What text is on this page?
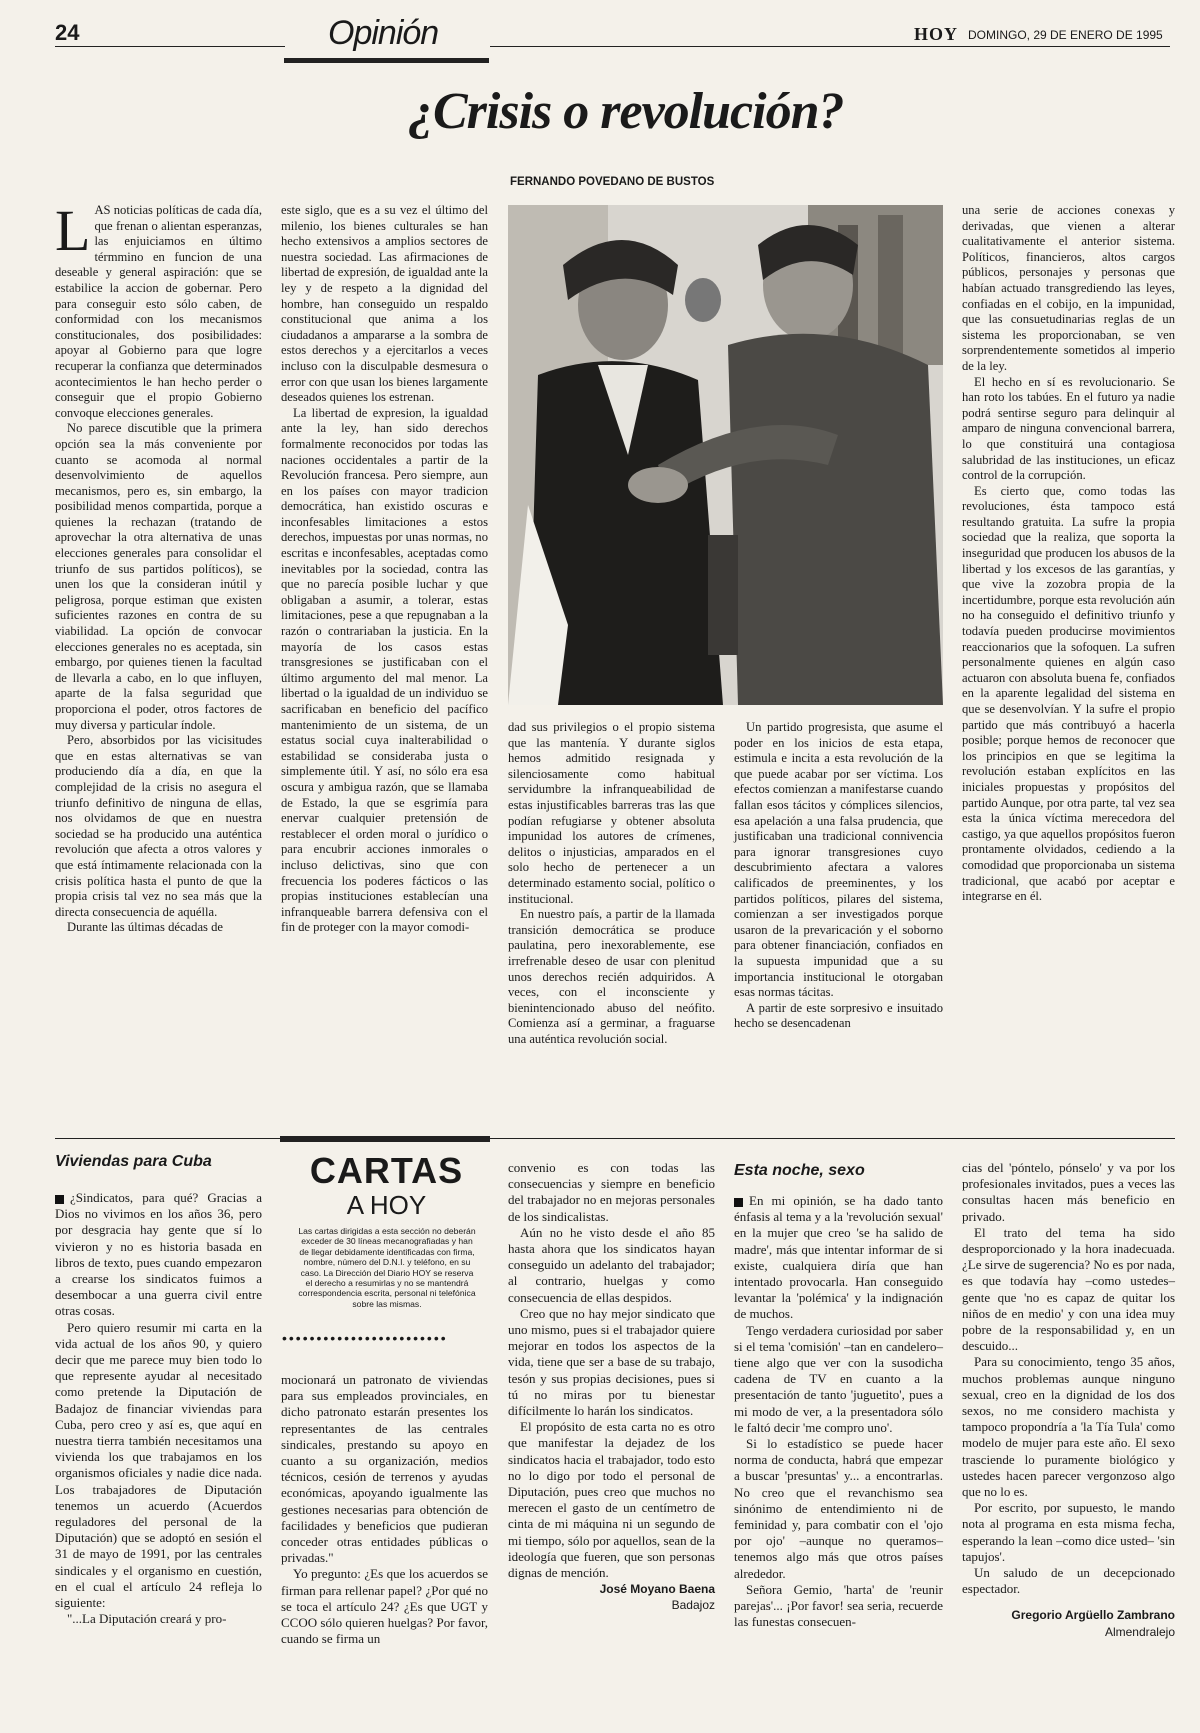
24	Opinión	HOY DOMINGO, 29 DE ENERO DE 1995
¿Crisis o revolución?
FERNANDO POVEDANO DE BUSTOS

LAS noticias políticas de cada día, que frenan o alientan esperanzas, las enjuiciamos en último térmmino en funcion de una deseable y general aspiración: que se estabilice la accion de gobernar. Pero para conseguir esto sólo caben, de conformidad con los mecanismos constitucionales, dos posibilidades: apoyar al Gobierno para que logre recuperar la confianza que determinados acontecimientos le han hecho perder o conseguir que el propio Gobierno convoque elecciones generales.

No parece discutible que la primera opción sea la más conveniente por cuanto se acomoda al normal desenvolvimiento de aquellos mecanismos, pero es, sin embargo, la posibilidad menos compartida, porque a quienes la rechazan (tratando de aprovechar la otra alternativa de unas elecciones generales para consolidar el triunfo de sus partidos políticos), se unen los que la consideran inútil y peligrosa, porque estiman que existen suficientes razones en contra de su viabilidad. La opción de convocar elecciones generales no es aceptada, sin embargo, por quienes tienen la facultad de llevarla a cabo, en lo que influyen, aparte de la falsa seguridad que proporciona el poder, otros factores de muy diversa y particular índole.

Pero, absorbidos por las vicisitudes que en estas alternativas se van produciendo día a día, en que la complejidad de la crisis no asegura el triunfo definitivo de ninguna de ellas, nos olvidamos de que en nuestra sociedad se ha producido una auténtica revolución que afecta a otros valores y que está íntimamente relacionada con la crisis política hasta el punto de que la propia crisis tal vez no sea más que la directa consecuencia de aquélla.

Durante las últimas décadas de

este siglo, que es a su vez el último del milenio, los bienes culturales se han hecho extensivos a amplios sectores de nuestra sociedad. Las afirmaciones de libertad de expresión, de igualdad ante la ley y de respeto a la dignidad del hombre, han conseguido un respaldo constitucional que anima a los ciudadanos a ampararse a la sombra de estos derechos y a ejercitarlos a veces incluso con la disculpable desmesura o error con que usan los bienes largamente deseados quienes los estrenan.

La libertad de expresion, la igualdad ante la ley, han sido derechos formalmente reconocidos por todas las naciones occidentales a partir de la Revolución francesa. Pero siempre, aun en los países con mayor tradicion democrática, han existido oscuras e inconfesables limitaciones a estos derechos, impuestas por unas normas, no escritas e inconfesables, aceptadas como inevitables por la sociedad, contra las que no parecía posible luchar y que obligaban a asumir, a tolerar, estas limitaciones, pese a que repugnaban a la razón o contrariaban la justicia. En la mayoría de los casos estas transgresiones se justificaban con el último argumento del mal menor. La libertad o la igualdad de un individuo se sacrificaban en beneficio del pacífico mantenimiento de un sistema, de un estatus social cuya inalterabilidad o estabilidad se consideraba justa o simplemente útil. Y así, no sólo era esa oscura y ambigua razón, que se llamaba de Estado, la que se esgrimía para enervar cualquier pretensión de restablecer el orden moral o jurídico o para encubrir acciones inmorales o incluso delictivas, sino que con frecuencia los poderes fácticos o las propias instituciones establecían una infranqueable barrera defensiva con el fin de proteger con la mayor comodi-

dad sus privilegios o el propio sistema que las mantenía. Y durante siglos hemos admitido resignada y silenciosamente como habitual servidumbre la infranqueabilidad de estas injustificables barreras tras las que podían refugiarse y obtener absoluta impunidad los autores de crímenes, delitos o injusticias, amparados en el solo hecho de pertenecer a un determinado estamento social, político o institucional.

En nuestro país, a partir de la llamada transición democrática se produce paulatina, pero inexorablemente, ese irrefrenable deseo de usar con plenitud unos derechos recién adquiridos. A veces, con el inconsciente y bienintencionado abuso del neófito. Comienza así a germinar, a fraguarse una auténtica revolución social.

Un partido progresista, que asume el poder en los inicios de esta etapa, estimula e incita a esta revolución de la que puede acabar por ser víctima. Los efectos comienzan a manifestarse cuando fallan esos tácitos y cómplices silencios, esa apelación a una falsa prudencia, que justificaban una tradicional connivencia para ignorar transgresiones cuyo descubrimiento afectara a valores calificados de preeminentes, y los partidos políticos, pilares del sistema, comienzan a ser investigados porque usaron de la prevaricación y el soborno para obtener financiación, confiados en la supuesta impunidad que a su importancia institucional le otorgaban esas normas tácitas.

A partir de este sorpresivo e insuitado hecho se desencadenan

una serie de acciones conexas y derivadas, que vienen a alterar cualitativamente el anterior sistema. Políticos, financieros, altos cargos públicos, personajes y personas que habían actuado transgrediendo las leyes, confiadas en el cobijo, en la impunidad, que las consuetudinarias reglas de un sistema les proporcionaban, se ven sorprendentemente sometidos al imperio de la ley.

El hecho en sí es revolucionario. Se han roto los tabúes. En el futuro ya nadie podrá sentirse seguro para delinquir al amparo de ninguna convencional barrera, lo que constituirá una contagiosa salubridad de las instituciones, un eficaz control de la corrupción.

Es cierto que, como todas las revoluciones, ésta tampoco está resultando gratuita. La sufre la propia sociedad que la realiza, que soporta la inseguridad que producen los abusos de la libertad y los excesos de las garantías, y que vive la zozobra propia de la incertidumbre, porque esta revolución aún no ha conseguido el definitivo triunfo y todavía pueden producirse movimientos reaccionarios que la sofoquen. La sufren personalmente quienes en algún caso actuaron con absoluta buena fe, confiados en la aparente legalidad del sistema en que se desenvolvían. Y la sufre el propio partido que más contribuyó a hacerla posible; porque hemos de reconocer que los principios en que se legitima la revolución estaban explícitos en las iniciales propuestas y propósitos del partido Aunque, por otra parte, tal vez sea esta la única víctima merecedora del castigo, ya que aquellos propósitos fueron prontamente olvidados, cediendo a la comodidad que proporcionaba un sistema tradicional, que acabó por aceptar e integrarse en él.

Viviendas para Cuba

¿Sindicatos, para qué? Gracias a Dios no vivimos en los años 36, pero por desgracia hay gente que sí lo vivieron y no es historia basada en libros de texto, pues cuando empezaron a crearse los sindicatos fuimos a desembocar a una guerra civil entre otras cosas.

Pero quiero resumir mi carta en la vida actual de los años 90, y quiero decir que me parece muy bien todo lo que represente ayudar al necesitado como pretende la Diputación de Badajoz de financiar viviendas para Cuba, pero creo y así es, que aquí en nuestra tierra también necesitamos una vivienda los que trabajamos en los organismos oficiales y nadie dice nada. Los trabajadores de Diputación tenemos un acuerdo (Acuerdos reguladores del personal de la Diputación) que se adoptó en sesión el 31 de mayo de 1991, por las centrales sindicales y el organismo en cuestión, en el cual el artículo 24 refleja lo siguiente:

"...La Diputación creará y pro-

CARTAS
A HOY
Las cartas dirigidas a esta sección no deberán exceder de 30 líneas mecanografiadas y han de llegar debidamente identificadas con firma, nombre, número del D.N.I. y teléfono, en su caso. La Dirección del Diario HOY se reserva el derecho a resumirlas y no se mantendrá correspondencia escrita, personal ni telefónica sobre las mismas.
••••••••••••••••••••••••

mocionará un patronato de viviendas para sus empleados provinciales, en dicho patronato estarán presentes los representantes de las centrales sindicales, prestando su apoyo en cuanto a su organización, medios técnicos, cesión de terrenos y ayudas económicas, apoyando igualmente las gestiones necesarias para obtención de facilidades y beneficios que pudieran conceder otras entidades públicas o privadas."

Yo pregunto: ¿Es que los acuerdos se firman para rellenar papel? ¿Por qué no se toca el artículo 24? ¿Es que UGT y CCOO sólo quieren huelgas? Por favor, cuando se firma un

convenio es con todas las consecuencias y siempre en beneficio del trabajador no en mejoras personales de los sindicalistas.

Aún no he visto desde el año 85 hasta ahora que los sindicatos hayan conseguido un adelanto del trabajador; al contrario, huelgas y como consecuencia de ellas despidos.

Creo que no hay mejor sindicato que uno mismo, pues si el trabajador quiere mejorar en todos los aspectos de la vida, tiene que ser a base de su trabajo, tesón y sus propias decisiones, pues si tú no miras por tu bienestar difícilmente lo harán los sindicatos.

El propósito de esta carta no es otro que manifestar la dejadez de los sindicatos hacia el trabajador, todo esto no lo digo por todo el personal de Diputación, pues creo que muchos no merecen el gasto de un centímetro de cinta de mi máquina ni un segundo de mi tiempo, sólo por aquellos, sean de la ideología que fueren, que son personas dignas de mención.

José Moyano Baena

Badajoz

Esta noche, sexo

En mi opinión, se ha dado tanto énfasis al tema y a la 'revolución sexual' en la mujer que creo 'se ha salido de madre', más que intentar informar de si existe, cualquiera diría que han intentado provocarla. Han conseguido levantar la 'polémica' y la indignación de muchos.

Tengo verdadera curiosidad por saber si el tema 'comisión' –tan en candelero– tiene algo que ver con la susodicha cadena de TV en cuanto a la presentación de tanto 'juguetito', pues a mi modo de ver, a la presentadora sólo le faltó decir 'me compro uno'.

Si lo estadístico se puede hacer norma de conducta, habrá que empezar a buscar 'presuntas' y... a encontrarlas. No creo que el revanchismo sea sinónimo de entendimiento ni de feminidad y, para combatir con el 'ojo por ojo' –aunque no queramos– tenemos algo más que otros países alrededor.

Señora Gemio, 'harta' de 'reunir parejas'... ¡Por favor! sea seria, recuerde las funestas consecuen-

cias del 'póntelo, pónselo' y va por los profesionales invitados, pues a veces las consultas hacen más beneficio en privado.

El trato del tema ha sido desproporcionado y la hora inadecuada. ¿Le sirve de sugerencia? No es por nada, es que todavía hay –como ustedes– gente que 'no es capaz de quitar los niños de en medio' y con una idea muy pobre de la responsabilidad y, en un descuido...

Para su conocimiento, tengo 35 años, muchos problemas aunque ninguno sexual, creo en la dignidad de los dos sexos, no me considero machista y tampoco propondría a 'la Tía Tula' como modelo de mujer para este año. El sexo trasciende lo puramente biológico y ustedes hacen parecer vergonzoso algo que no lo es.

Por escrito, por supuesto, le mando nota al programa en esta misma fecha, esperando la lean –como dice usted– 'sin tapujos'.

Un saludo de un decepcionado espectador.

Gregorio Argüello Zambrano

Almendralejo
